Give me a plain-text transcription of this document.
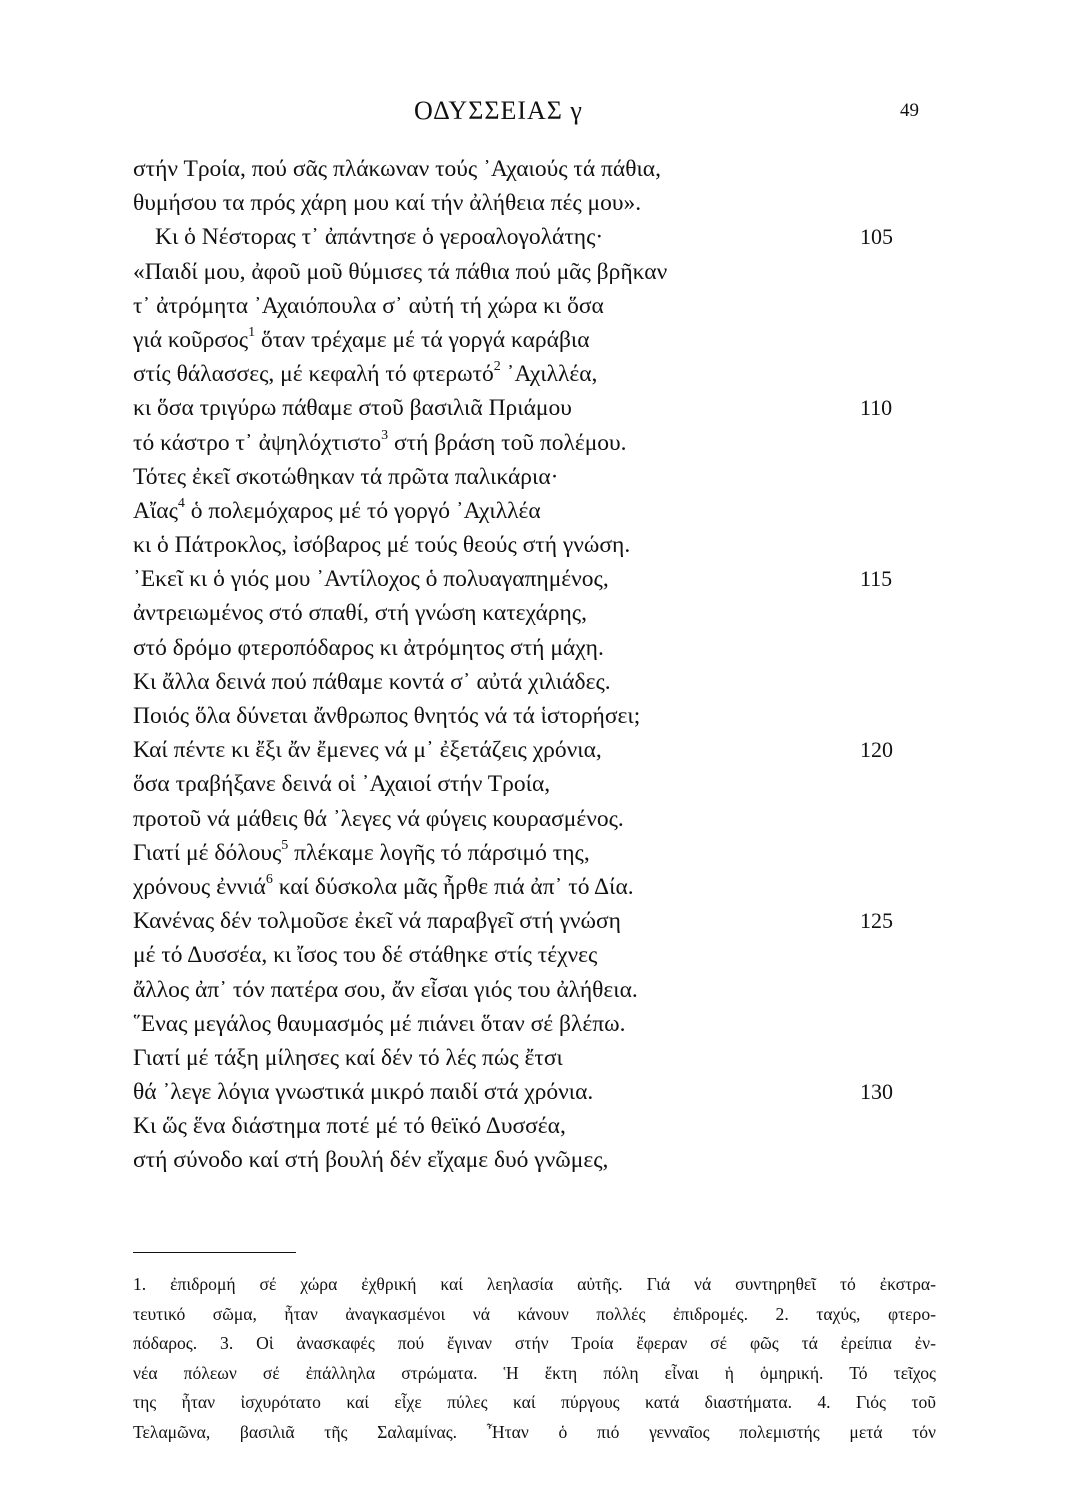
ΟΔΥΣΣΕΙΑΣ γ	49
στήν Τροία, πού σᾶς πλάκωναν τούς ᾿Αχαιούς τά πάθια,
θυμήσου τα πρός χάρη μου καί τήν ἀλήθεια πές μου».
Κι ὁ Νέστορας τ᾿ ἀπάντησε ὁ γεροαλογολάτης·	105
«Παιδί μου, ἀφοῦ μοῦ θύμισες τά πάθια πού μᾶς βρῆκαν
τ᾿ ἀτρόμητα ᾿Αχαιόπουλα σ᾿ αὐτή τή χώρα κι ὅσα
γιά κοῦρσος$^1$ ὅταν τρέχαμε μέ τά γοργά καράβια
στίς θάλασσες, μέ κεφαλή τό φτερωτό$^2$ ᾿Αχιλλέα,
κι ὅσα τριγύρω πάθαμε στοῦ βασιλιᾶ Πριάμου	110
τό κάστρο τ᾿ ἀψηλόχτιστο$^3$ στή βράση τοῦ πολέμου.
Τότες ἐκεῖ σκοτώθηκαν τά πρῶτα παλικάρια·
Αἴας$^4$ ὁ πολεμόχαρος μέ τό γοργό ᾿Αχιλλέα
κι ὁ Πάτροκλος, ἰσόβαρος μέ τούς θεούς στή γνώση.
᾿Εκεῖ κι ὁ γιός μου ᾿Αντίλοχος ὁ πολυαγαπημένος,	115
ἀντρειωμένος στό σπαθί, στή γνώση κατεχάρης,
στό δρόμο φτεροπόδαρος κι ἀτρόμητος στή μάχη.
Κι ἄλλα δεινά πού πάθαμε κοντά σ᾿ αὐτά χιλιάδες.
Ποιός ὅλα δύνεται ἄνθρωπος θνητός νά τά ἱστορήσει;
Καί πέντε κι ἔξι ἄν ἔμενες νά μ᾿ ἐξετάζεις χρόνια,	120
ὅσα τραβήξανε δεινά οἱ ᾿Αχαιοί στήν Τροία,
προτοῦ νά μάθεις θά ᾿λεγες νά φύγεις κουρασμένος.
Γιατί μέ δόλους$^5$ πλέκαμε λογῆς τό πάρσιμό της,
χρόνους ἐννιά$^6$ καί δύσκολα μᾶς ἦρθε πιά ἀπ᾿ τό Δία.
Κανένας δέν τολμοῦσε ἐκεῖ νά παραβγεῖ στή γνώση	125
μέ τό Δυσσέα, κι ἴσος του δέ στάθηκε στίς τέχνες
ἄλλος ἀπ᾿ τόν πατέρα σου, ἄν εἶσαι γιός του ἀλήθεια.
῞Ενας μεγάλος θαυμασμός μέ πιάνει ὅταν σέ βλέπω.
Γιατί μέ τάξη μίλησες καί δέν τό λές πώς ἔτσι
θά ᾿λεγε λόγια γνωστικά μικρό παιδί στά χρόνια.	130
Κι ὥς ἕνα διάστημα ποτέ μέ τό θεϊκό Δυσσέα,
στή σύνοδο καί στή βουλή δέν εἴχαμε δυό γνῶμες,
1. ἐπιδρομή σέ χώρα ἐχθρική καί λεηλασία αὐτῆς. Γιά νά συντηρηθεῖ τό ἐκστρα-
τευτικό σῶμα, ἦταν ἀναγκασμένοι νά κάνουν πολλές ἐπιδρομές. 2. ταχύς, φτερο-
πόδαρος. 3. Οἱ ἀνασκαφές πού ἔγιναν στήν Τροία ἔφεραν σέ φῶς τά ἐρείπια ἐν-
νέα πόλεων σέ ἐπάλληλα στρώματα. Ἡ ἕκτη πόλη εἶναι ἡ ὁμηρική. Τό τεῖχος
της ἦταν ἰσχυρότατο καί εἶχε πύλες καί πύργους κατά διαστήματα. 4. Γιός τοῦ
Τελαμῶνα, βασιλιᾶ τῆς Σαλαμίνας. Ἦταν ὁ πιό γενναῖος πολεμιστής μετά τόν
